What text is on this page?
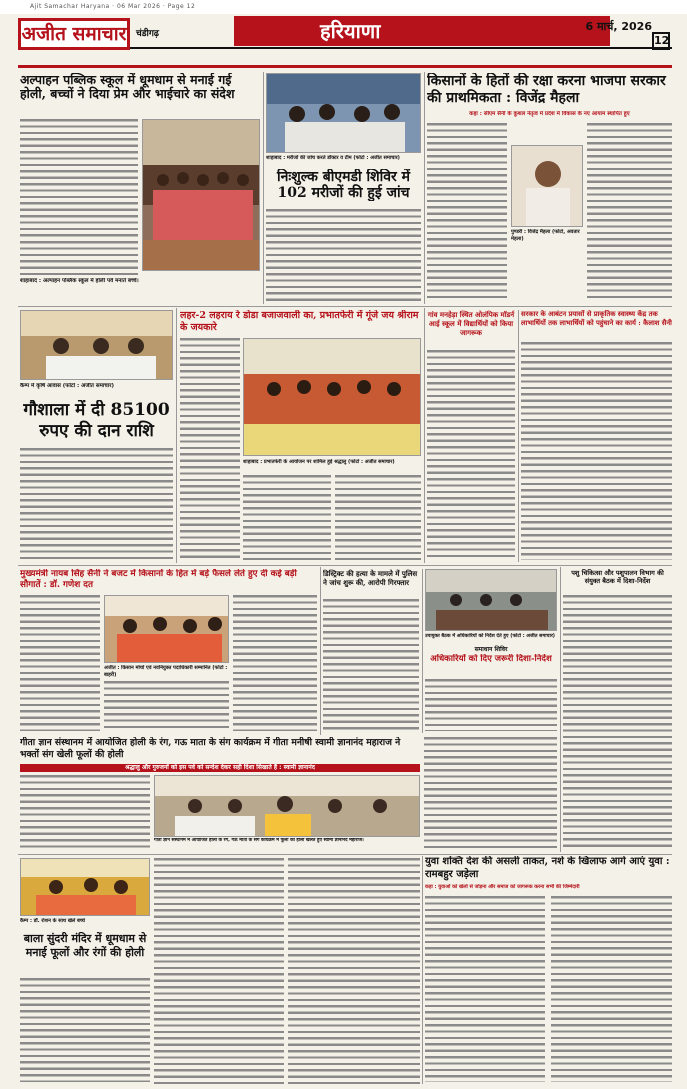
Ajit Samachar Haryana · 06 Mar 2026 · Page 12
अजीत समाचार	चंडीगढ़	हरियाणा	6 मार्च, 2026
12
अल्पाहन पब्लिक स्कूल में धूमधाम से मनाई गई होली, बच्चों ने दिया प्रेम और भाईचारे का संदेश
शाहाबाद : अल्पाहन पब्लिक स्कूल में होली पर्व मनाते बच्चे।
शाहाबाद : मरीजों की जांच करते डॉक्टर व टीम (फोटो : अजीत समाचार)
निःशुल्क बीएमडी शिविर में 102 मरीजों की हुई जांच
किसानों के हितों की रक्षा करना भाजपा सरकार की प्राथमिकता : विजेंद्र मैहला
कहा : सीएम सैनी के कुशल नेतृत्व में प्रदेश में विकास के नए आयाम स्थापित हुए
पुण्डरी : विजेंद्र मैहला (फोटो, अवतार मेहला)
कैम्प में कृषि आवास (फोटो : अजीत समाचार)
गौशाला में दी 85100 रुपए की दान राशि
लहर-2 लहराय रे डोडा बजाजवाली का, प्रभातफेरी में गूंजे जय श्रीराम के जयकारे
शाहाबाद : प्रभातफेरी के आयोजन पर शामिल हुई श्रद्धालु (फोटो : अजीत समाचार)
गांव मनहेड़ा स्थित ओलंपिक मॉडर्न आई स्कूल में विद्यार्थियों को किया जागरूक
सरकार के आबंटन प्रयासों से प्राकृतिक स्वास्थ्य केंद्र तक लाभार्थियों तक लाभार्थियों को पहुंचाने का कार्य : कैलाश सैनी
मुख्यमंत्री नायब सिंह सैनी ने बजट में किसानों के हित में बड़े फैसले लेते हुए दी कई बड़ी सौगातें : डॉ. गणेश दत
अजीत : किसान मोर्चा एवं नवनियुक्त पदाधिकारी सम्मानित (फोटो : बाहरी)
डिस्ट्रिक्ट की हत्या के मामले में पुलिस ने जांच शुरू की, आरोपी गिरफ्तार
उपायुक्त बैठक में अधिकारियों को निर्देश देते हुए (फोटो : अजीत समाचार)
समाधान शिविर
अधिकारियों को दिए जरूरी दिशा-निर्देश
पशु चिकित्सा और पशुपालन विभाग की संयुक्त बैठक में दिशा-निर्देश
गीता ज्ञान संस्थानम में आयोजित होली के रंग, गऊ माता के संग कार्यक्रम में गीता मनीषी स्वामी ज्ञानानंद महाराज ने भक्तों संग खेली फूलों की होली
श्रद्धालु और गुरुजनों को इस पर्व को सन्देश देकर सही दिशा सिखाते हैं : स्वामी ज्ञानानंद
गीता ज्ञान संस्थानम में आयोजित होली के रंग, गऊ माता के संग कार्यक्रम में फूलों की होली खेलते हुए स्वामी ज्ञानानंद महाराज।
युवा शक्ति देश की असली ताकत, नशे के खिलाफ आगे आएं युवा : रामबहुर जड़ेला
कहा : युवाओं को खेलों से जोड़ना और समाज को जागरूक करना सभी की जिम्मेदारी
कैम्प : डॉ. रोशन के साथ खेले बच्चे
बाला सुंदरी मंदिर में धूमधाम से मनाई फूलों और रंगों की होली
